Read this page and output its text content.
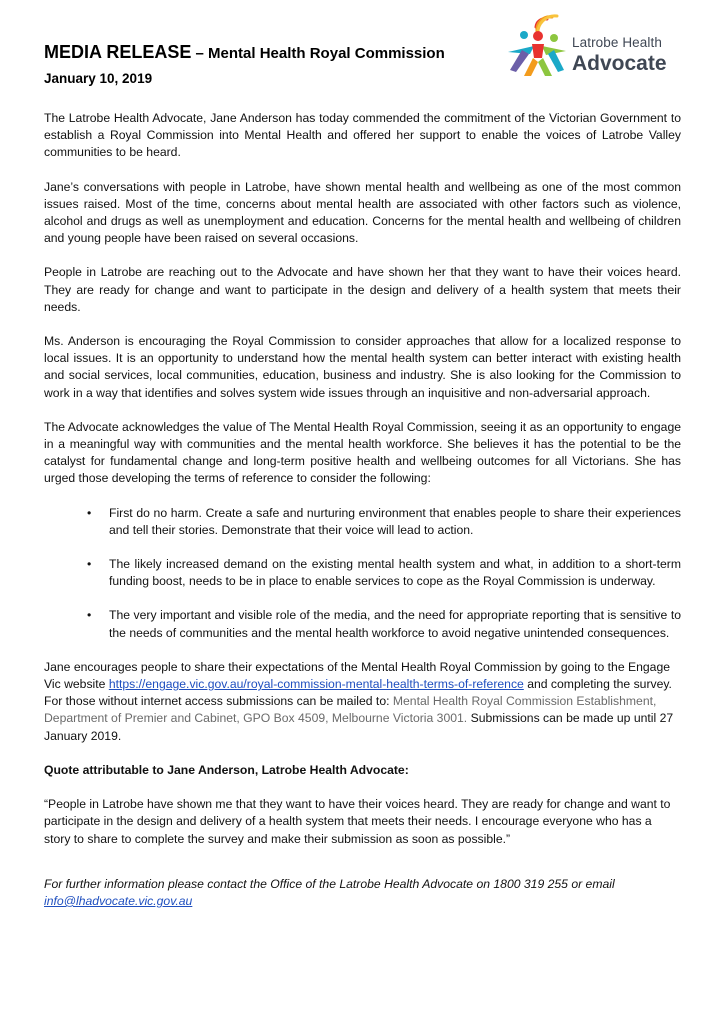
MEDIA RELEASE – Mental Health Royal Commission
January 10, 2019
Latrobe Health
Advocate

The Latrobe Health Advocate, Jane Anderson has today commended the commitment of the Victorian Government to establish a Royal Commission into Mental Health and offered her support to enable the voices of Latrobe Valley communities to be heard.

Jane’s conversations with people in Latrobe, have shown mental health and wellbeing as one of the most common issues raised. Most of the time, concerns about mental health are associated with other factors such as violence, alcohol and drugs as well as unemployment and education. Concerns for the mental health and wellbeing of children and young people have been raised on several occasions.

People in Latrobe are reaching out to the Advocate and have shown her that they want to have their voices heard. They are ready for change and want to participate in the design and delivery of a health system that meets their needs.

Ms. Anderson is encouraging the Royal Commission to consider approaches that allow for a localized response to local issues. It is an opportunity to understand how the mental health system can better interact with existing health and social services, local communities, education, business and industry. She is also looking for the Commission to work in a way that identifies and solves system wide issues through an inquisitive and non-adversarial approach.

The Advocate acknowledges the value of The Mental Health Royal Commission, seeing it as an opportunity to engage in a meaningful way with communities and the mental health workforce. She believes it has the potential to be the catalyst for fundamental change and long-term positive health and wellbeing outcomes for all Victorians. She has urged those developing the terms of reference to consider the following:

• First do no harm. Create a safe and nurturing environment that enables people to share their experiences and tell their stories. Demonstrate that their voice will lead to action.
• The likely increased demand on the existing mental health system and what, in addition to a short-term funding boost, needs to be in place to enable services to cope as the Royal Commission is underway.
• The very important and visible role of the media, and the need for appropriate reporting that is sensitive to the needs of communities and the mental health workforce to avoid negative unintended consequences.

Jane encourages people to share their expectations of the Mental Health Royal Commission by going to the Engage Vic website https://engage.vic.gov.au/royal-commission-mental-health-terms-of-reference and completing the survey. For those without internet access submissions can be mailed to: Mental Health Royal Commission Establishment, Department of Premier and Cabinet, GPO Box 4509, Melbourne Victoria 3001. Submissions can be made up until 27 January 2019.

Quote attributable to Jane Anderson, Latrobe Health Advocate:

“People in Latrobe have shown me that they want to have their voices heard. They are ready for change and want to participate in the design and delivery of a health system that meets their needs. I encourage everyone who has a story to share to complete the survey and make their submission as soon as possible.”

For further information please contact the Office of the Latrobe Health Advocate on 1800 319 255 or email info@lhadvocate.vic.gov.au
